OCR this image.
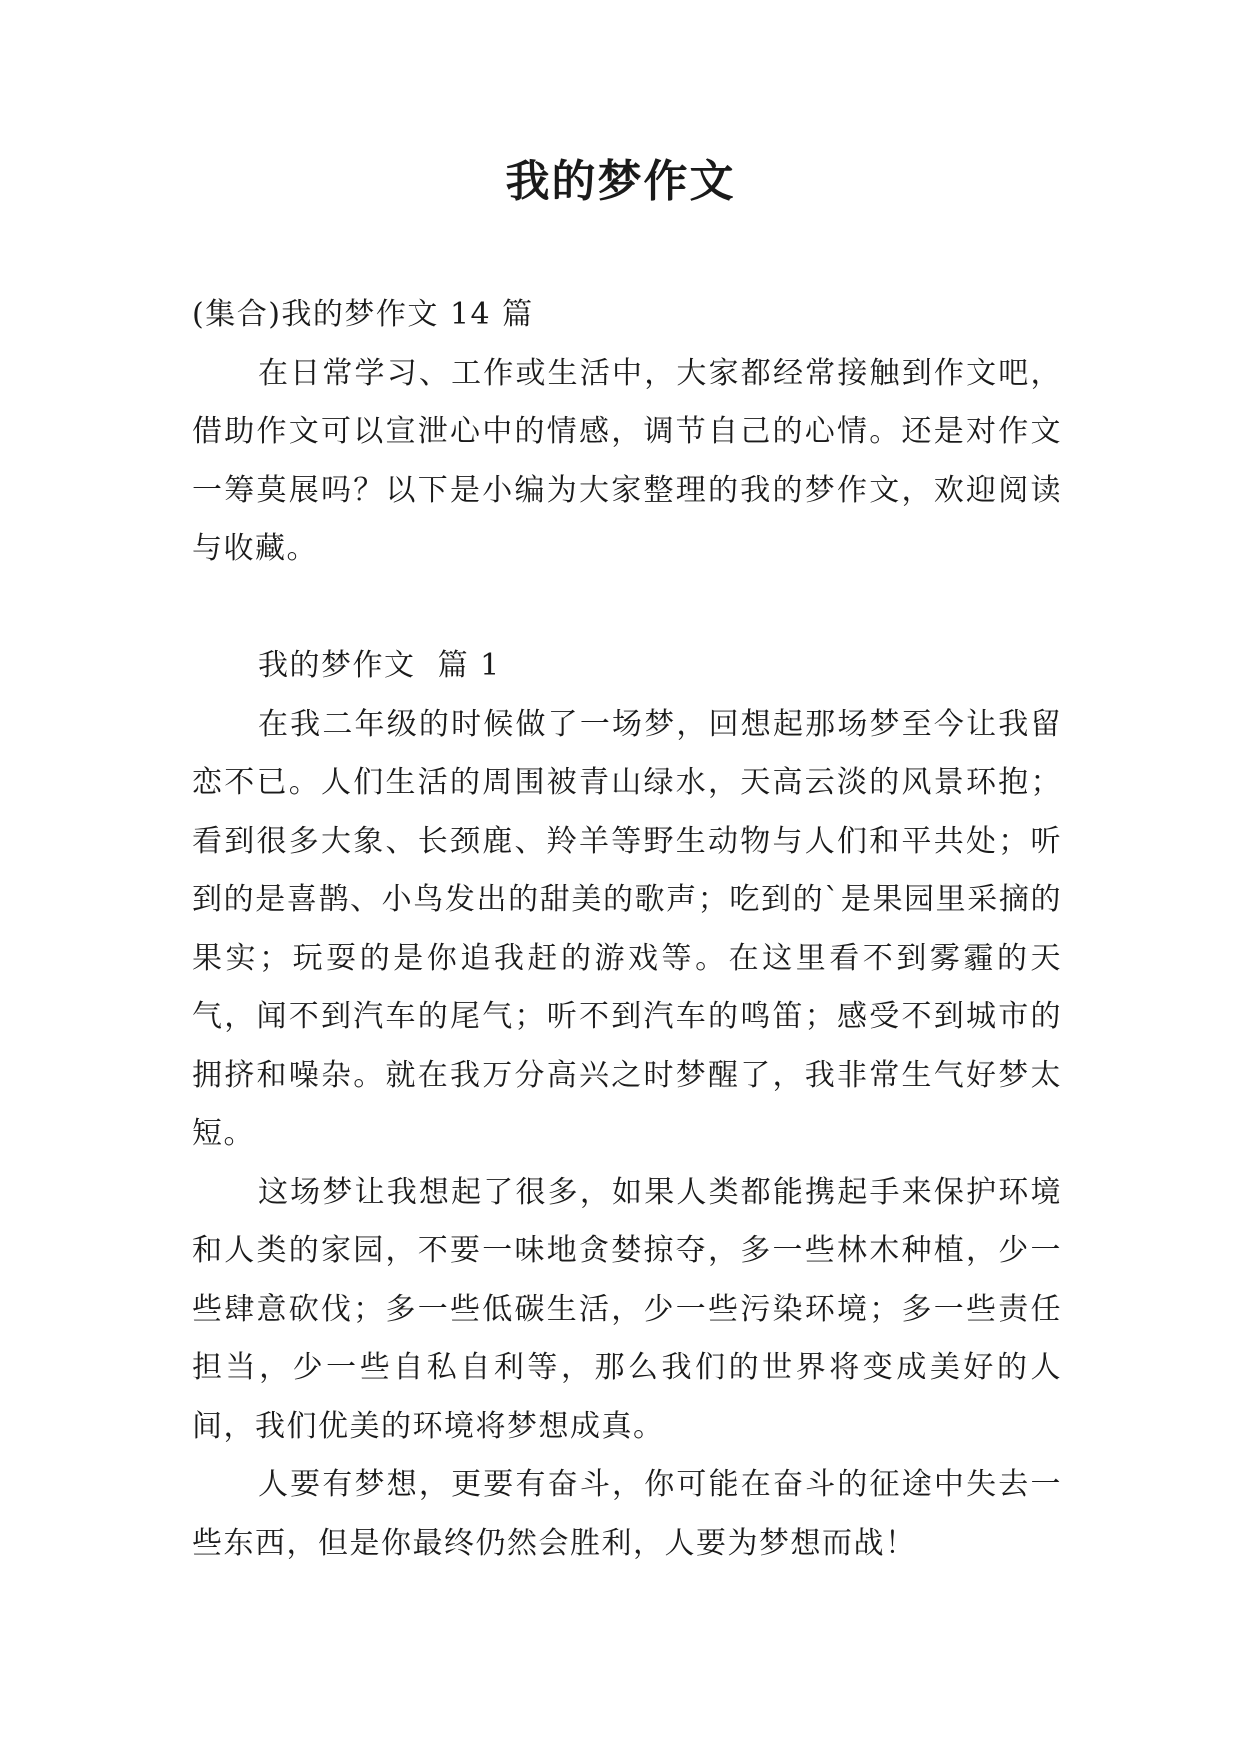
我的梦作文

(集合)我的梦作文 14 篇

在日常学习、工作或生活中，大家都经常接触到作文吧，借助作文可以宣泄心中的情感，调节自己的心情。还是对作文一筹莫展吗？以下是小编为大家整理的我的梦作文，欢迎阅读与收藏。

我的梦作文  篇 1

在我二年级的时候做了一场梦，回想起那场梦至今让我留恋不已。人们生活的周围被青山绿水，天高云淡的风景环抱；看到很多大象、长颈鹿、羚羊等野生动物与人们和平共处；听到的是喜鹊、小鸟发出的甜美的歌声；吃到的`是果园里采摘的果实；玩耍的是你追我赶的游戏等。在这里看不到雾霾的天气，闻不到汽车的尾气；听不到汽车的鸣笛；感受不到城市的拥挤和噪杂。就在我万分高兴之时梦醒了，我非常生气好梦太短。

这场梦让我想起了很多，如果人类都能携起手来保护环境和人类的家园，不要一味地贪婪掠夺，多一些林木种植，少一些肆意砍伐；多一些低碳生活，少一些污染环境；多一些责任担当，少一些自私自利等，那么我们的世界将变成美好的人间，我们优美的环境将梦想成真。

人要有梦想，更要有奋斗，你可能在奋斗的征途中失去一些东西，但是你最终仍然会胜利，人要为梦想而战！
